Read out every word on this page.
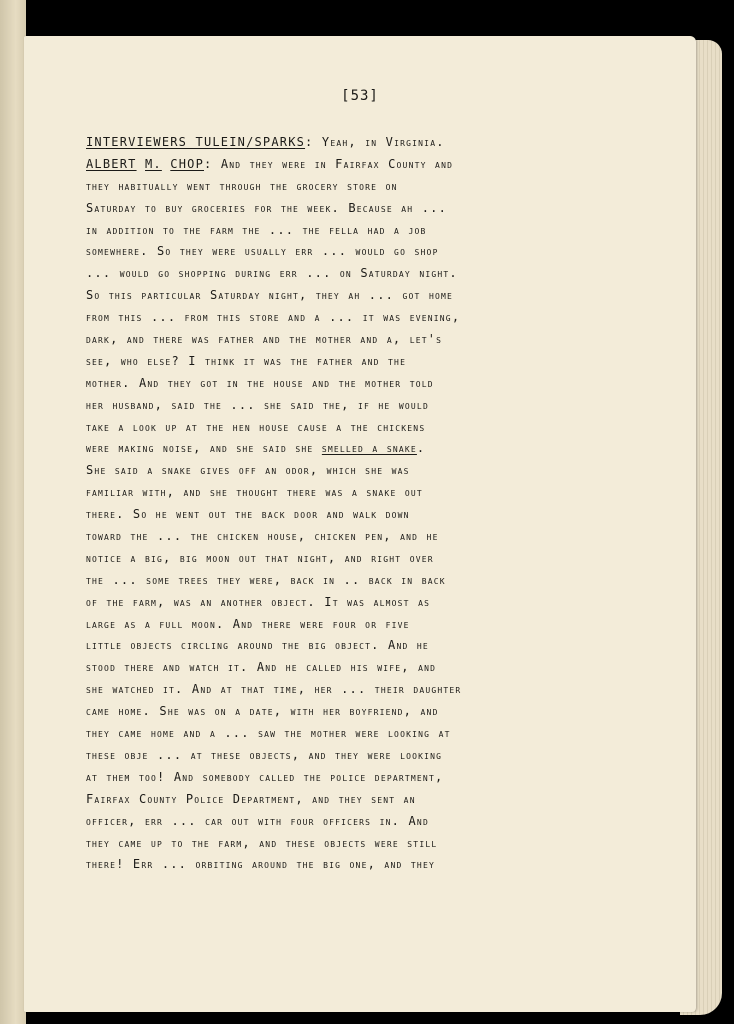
[53]
INTERVIEWERS TULEIN/SPARKS: Yeah, in Virginia.
ALBERT M. CHOP: And they were in Fairfax County and
they habitually went through the grocery store on
Saturday to buy groceries for the week. Because ah ...
in addition to the farm the ... the fella had a job
somewhere. So they were usually err ... would go shop
... would go shopping during err ... on Saturday night.
So this particular Saturday night, they ah ... got home
from this ... from this store and a ... it was evening,
dark, and there was father and the mother and a, let's
see, who else? I think it was the father and the
mother. And they got in the house and the mother told
her husband, said the ... she said the, if he would
take a look up at the hen house cause a the chickens
were making noise, and she said she smelled a snake.
She said a snake gives off an odor, which she was
familiar with, and she thought there was a snake out
there. So he went out the back door and walk down
toward the ... the chicken house, chicken pen, and he
notice a big, big moon out that night, and right over
the ... some trees they were, back in .. back in back
of the farm, was an another object. It was almost as
large as a full moon. And there were four or five
little objects circling around the big object. And he
stood there and watch it. And he called his wife, and
she watched it. And at that time, her ... their daughter
came home. She was on a date, with her boyfriend, and
they came home and a ... saw the mother were looking at
these obje ... at these objects, and they were looking
at them too! And somebody called the police department,
Fairfax County Police Department, and they sent an
officer, err ... car out with four officers in. And
they came up to the farm, and these objects were still
there! Err ... orbiting around the big one, and they
